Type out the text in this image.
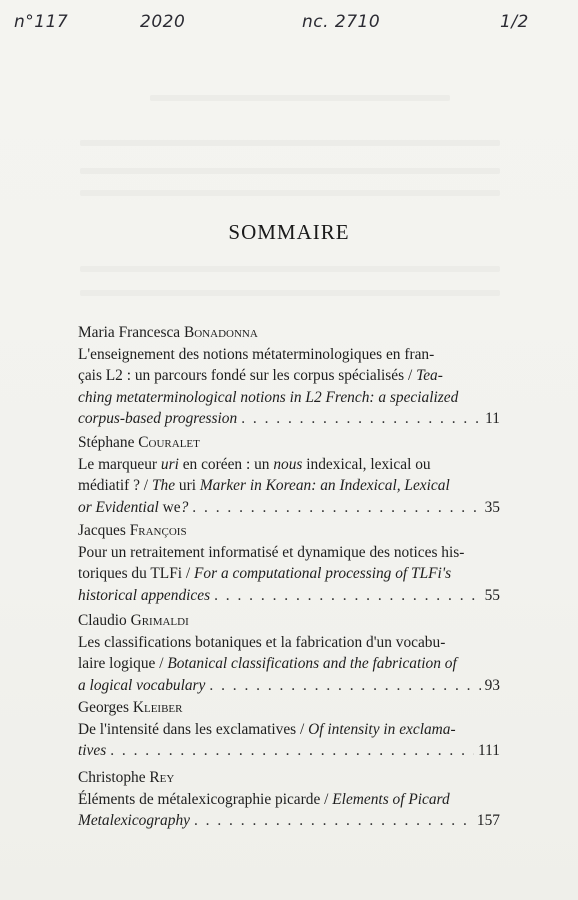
n°117	2020	nc. 2710	1/2
SOMMAIRE
Maria Francesca Bonadonna
L'enseignement des notions métaterminologiques en fran-
çais L2 : un parcours fondé sur les corpus spécialisés / Tea-
ching metaterminological notions in L2 French: a specialized
corpus-based progression . . .	11
Stéphane Couralet
Le marqueur uri en coréen : un nous indexical, lexical ou
médiatif ? / The uri Marker in Korean: an Indexical, Lexical
or Evidential we? . . .	35
Jacques François
Pour un retraitement informatisé et dynamique des notices his-
toriques du TLFi / For a computational processing of TLFi's
historical appendices . . .	55
Claudio Grimaldi
Les classifications botaniques et la fabrication d'un vocabu-
laire logique / Botanical classifications and the fabrication of
a logical vocabulary . . .	93
Georges Kleiber
De l'intensité dans les exclamatives / Of intensity in exclama-
tives . . .	111
Christophe Rey
Éléments de métalexicographie picarde / Elements of Picard
Metalexicography . . .	157
